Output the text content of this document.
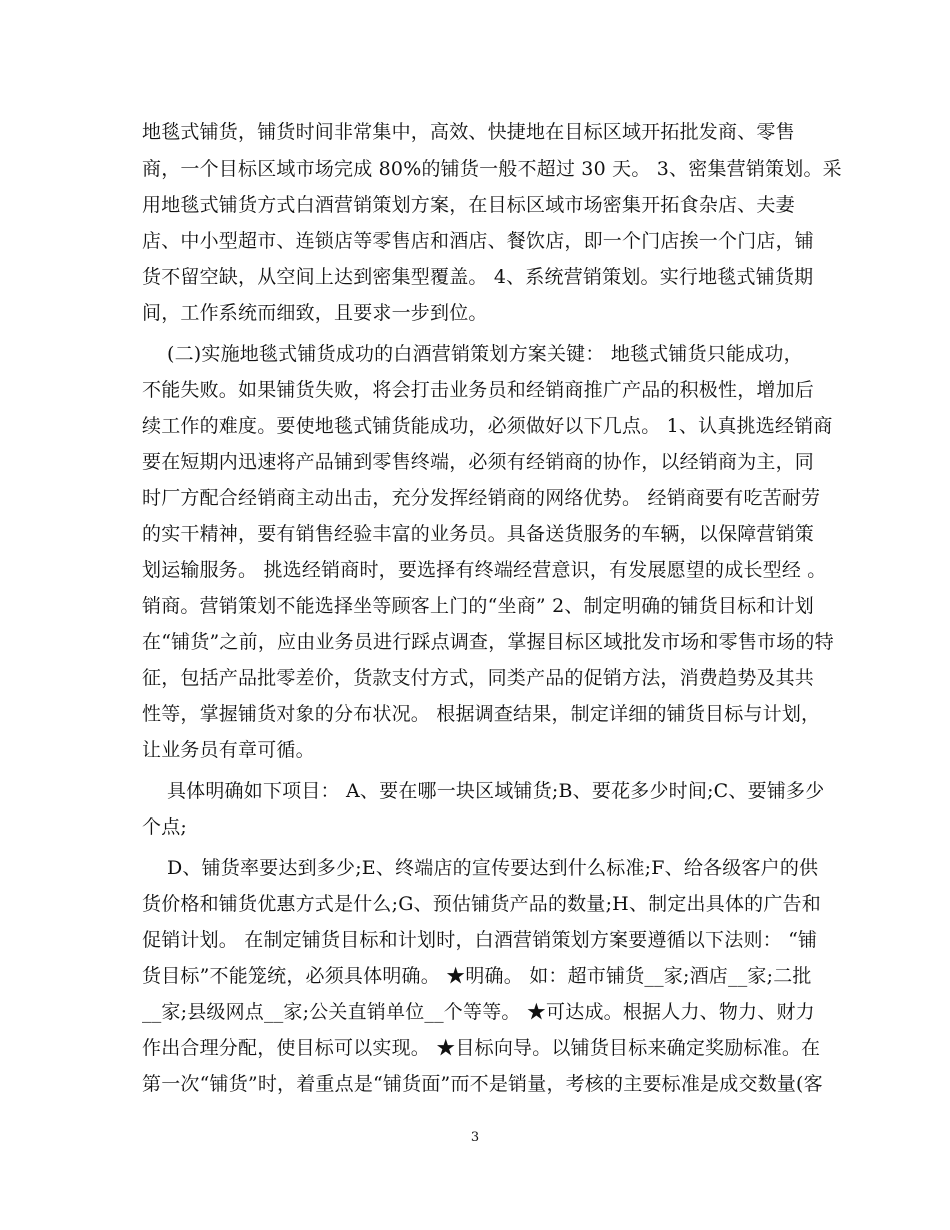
地毯式铺货，铺货时间非常集中，高效、快捷地在目标区域开拓批发商、零售
商，一个目标区域市场完成 80%的铺货一般不超过 30 天。 3、密集营销策划。采
用地毯式铺货方式白酒营销策划方案，在目标区域市场密集开拓食杂店、夫妻
店、中小型超市、连锁店等零售店和酒店、餐饮店，即一个门店挨一个门店，铺
货不留空缺，从空间上达到密集型覆盖。 4、系统营销策划。实行地毯式铺货期
间，工作系统而细致，且要求一步到位。
(二)实施地毯式铺货成功的白酒营销策划方案关键： 地毯式铺货只能成功，
不能失败。如果铺货失败，将会打击业务员和经销商推广产品的积极性，增加后
续工作的难度。要使地毯式铺货能成功，必须做好以下几点。 1、认真挑选经销商
要在短期内迅速将产品铺到零售终端，必须有经销商的协作，以经销商为主，同
时厂方配合经销商主动出击，充分发挥经销商的网络优势。 经销商要有吃苦耐劳
的实干精神，要有销售经验丰富的业务员。具备送货服务的车辆，以保障营销策
划运输服务。 挑选经销商时，要选择有终端经营意识，有发展愿望的成长型经 。
销商。营销策划不能选择坐等顾客上门的“坐商” 2、制定明确的铺货目标和计划
在“铺货”之前，应由业务员进行踩点调查，掌握目标区域批发市场和零售市场的特
征，包括产品批零差价，货款支付方式，同类产品的促销方法，消费趋势及其共
性等，掌握铺货对象的分布状况。 根据调查结果，制定详细的铺货目标与计划，
让业务员有章可循。
具体明确如下项目： A、要在哪一块区域铺货;B、要花多少时间;C、要铺多少
个点;
D、铺货率要达到多少;E、终端店的宣传要达到什么标准;F、给各级客户的供
货价格和铺货优惠方式是什么;G、预估铺货产品的数量;H、制定出具体的广告和
促销计划。 在制定铺货目标和计划时，白酒营销策划方案要遵循以下法则： “铺
货目标”不能笼统，必须具体明确。 ★明确。 如：超市铺货__家;酒店__家;二批
__家;县级网点__家;公关直销单位__个等等。 ★可达成。根据人力、物力、财力
作出合理分配，使目标可以实现。 ★目标向导。以铺货目标来确定奖励标准。在
第一次“铺货”时，着重点是“铺货面”而不是销量，考核的主要标准是成交数量(客
3
